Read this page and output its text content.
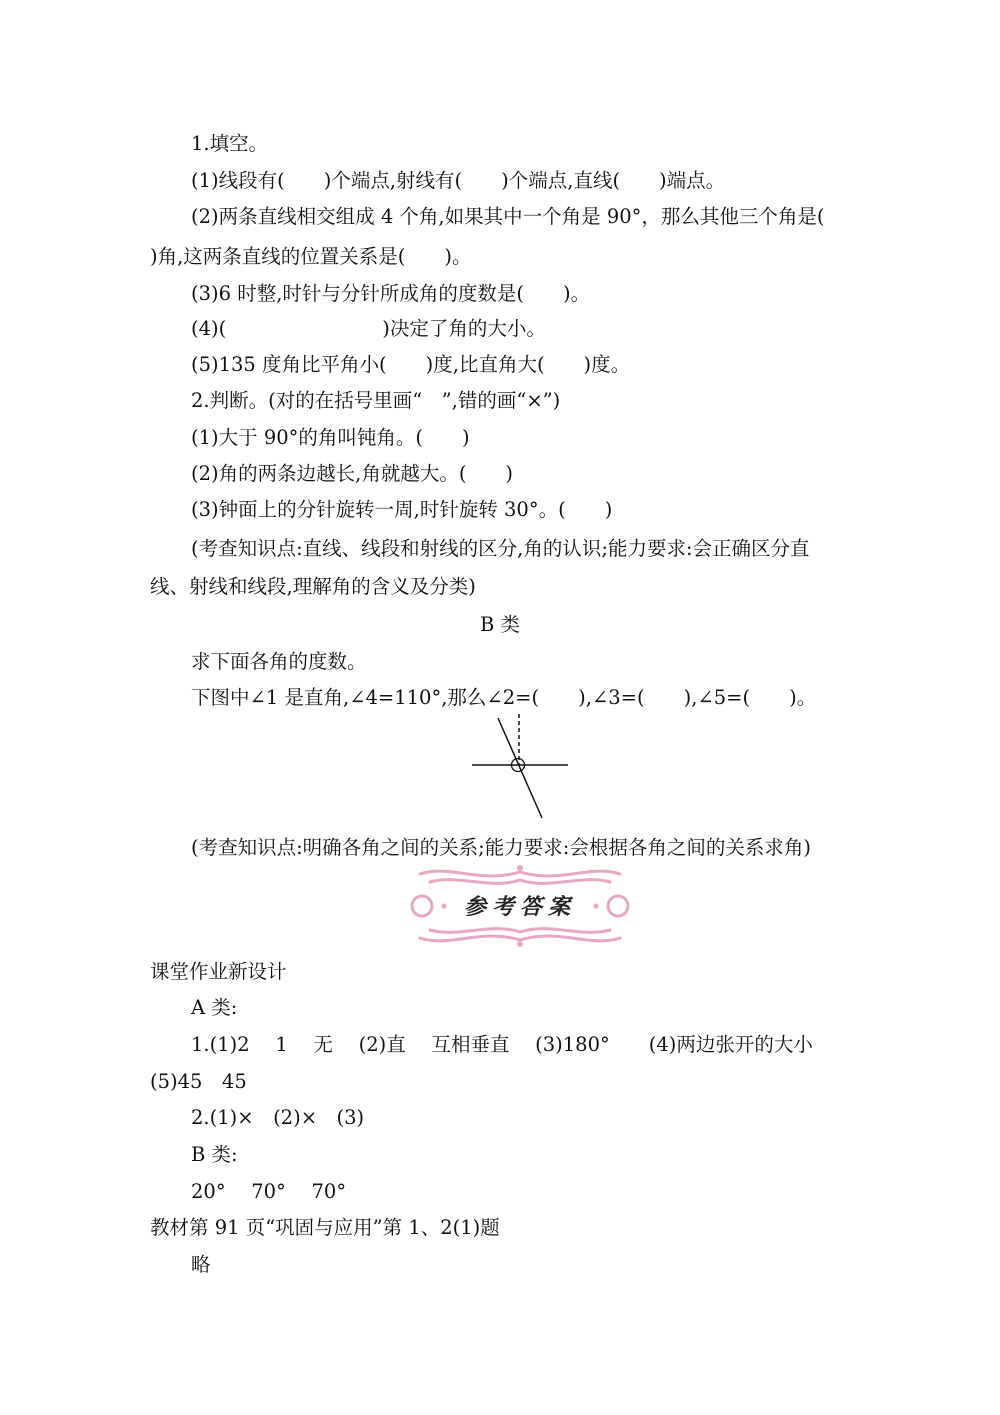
1.填空。
(1)线段有(　　)个端点,射线有(　　)个端点,直线(　　)端点。
(2)两条直线相交组成 4 个角,如果其中一个角是 90°，那么其他三个角是(
)角,这两条直线的位置关系是(　　)。
(3)6 时整,时针与分针所成角的度数是(　　)。
(4)(　　　　　　　　)决定了角的大小。
(5)135 度角比平角小(　　)度,比直角大(　　)度。
2.判断。(对的在括号里画“　”,错的画“×”)
(1)大于 90°的角叫钝角。(　　)
(2)角的两条边越长,角就越大。(　　)
(3)钟面上的分针旋转一周,时针旋转 30°。(　　)
(考查知识点:直线、线段和射线的区分,角的认识;能力要求:会正确区分直
线、射线和线段,理解角的含义及分类)
B 类
求下面各角的度数。
下图中∠1 是直角,∠4=110°,那么∠2=(　　),∠3=(　　),∠5=(　　)。
(考查知识点:明确各角之间的关系;能力要求:会根据各角之间的关系求角)
参考答案
课堂作业新设计
A 类:
1.(1)2　 1　 无　 (2)直　 互相垂直　 (3)180°　　(4)两边张开的大小
(5)45　45
2.(1)×　(2)×　(3)
B 类:
20°　 70°　 70°
教材第 91 页“巩固与应用”第 1、2(1)题
略
